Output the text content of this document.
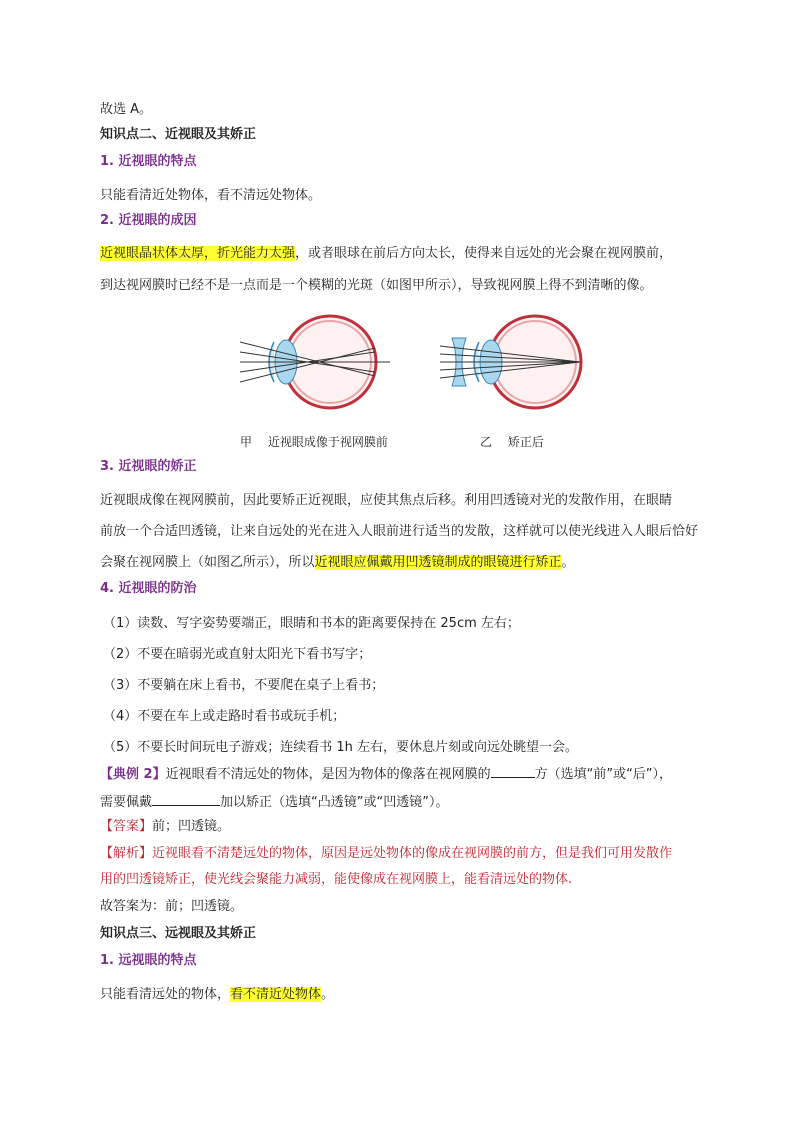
故选 A。
知识点二、近视眼及其娇正
1. 近视眼的特点
只能看清近处物体，看不清远处物体。
2. 近视眼的成因
近视眼晶状体太厚，折光能力太强，或者眼球在前后方向太长，使得来自远处的光会聚在视网膜前，
到达视网膜时已经不是一点而是一个模糊的光斑（如图甲所示），导致视网膜上得不到清晰的像。
甲　 近视眼成像于视网膜前	乙　 矫正后
3. 近视眼的娇正
近视眼成像在视网膜前，因此要矫正近视眼，应使其焦点后移。利用凹透镜对光的发散作用，在眼睛
前放一个合适凹透镜，让来自远处的光在进入人眼前进行适当的发散，这样就可以使光线进入人眼后恰好
会聚在视网膜上（如图乙所示），所以近视眼应佩戴用凹透镜制成的眼镜进行矫正。
4. 近视眼的防治
（1）读数、写字姿势要端正，眼睛和书本的距离要保持在 25cm 左右；
（2）不要在暗弱光或直射太阳光下看书写字；
（3）不要躺在床上看书，不要爬在桌子上看书；
（4）不要在车上或走路时看书或玩手机；
（5）不要长时间玩电子游戏；连续看书 1h 左右，要休息片刻或向远处眺望一会。
【典例 2】近视眼看不清远处的物体，是因为物体的像落在视网膜的	方（选填“前”或“后”），
需要佩戴	加以矫正（选填“凸透镜”或“凹透镜”）。
【答案】前；凹透镜。
【解析】近视眼看不清楚远处的物体，原因是远处物体的像成在视网膜的前方，但是我们可用发散作
用的凹透镜矫正，使光线会聚能力减弱，能使像成在视网膜上，能看清远处的物体.
故答案为：前；凹透镜。
知识点三、远视眼及其娇正
1. 远视眼的特点
只能看清远处的物体，看不清近处物体。
